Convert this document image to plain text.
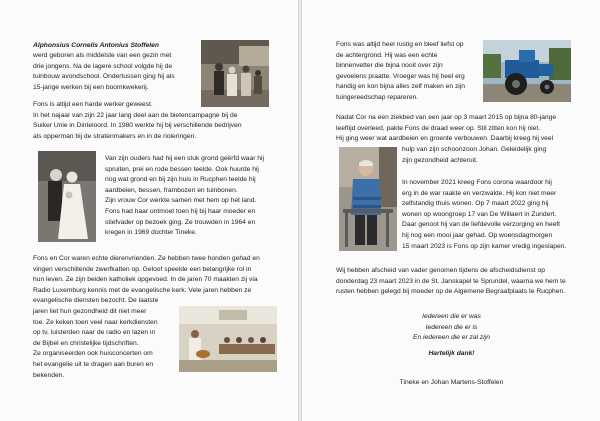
Alphonsius Cornelis Antonius Stoffelen

werd geboren als middelste van een gezin met
drie jongens. Na de lagere school volgde hij de
tuinbouw avondschool. Ondertussen ging hij als
15-jarige werken bij een boomkwekerij.

Fons is altijd een harde werker geweest.
In het najaar van zijn 22 jaar lang deel aan de bietencampagne bij de
Suiker Unie in Dinteloord. In 1980 werkte hij bij verschillende bedrijven
als opperman bij de stratenmakers en in de rioleringen.

Van zijn ouders had hij een stuk grond geërfd waar hij
spruiten, prei en rode bessen teelde. Ook huurde hij
nog wat grond en bij zijn huis in Rucphen teelde hij
aardbeien, bessen, frambozen en tuinbonen.
Zijn vrouw Cor werkte samen met hem op het land.
Fons had haar ontmoet toen hij bij haar moeder en
stiefvader op bezoek ging. Ze trouwden in 1964 en
kregen in 1969 dochter Tineke.

Fons en Cor waren echte dierenvrienden. Ze hebben twee honden gehad en
vingen verschillende zwerfkatten op. Geloof speelde een belangrijke rol in
hun leven. Ze zijn beiden katholiek opgevoed. In de jaren 70 maakten zij via
Radio Luxemburg kennis met de evangelische kerk. Vele jaren hebben ze
evangelische diensten bezocht. De laatste

jaren liet hun gezondheid dit niet meer
toe. Ze keken toen veel naar kerkdiensten
op tv, luisterden naar de radio en lazen in
de Bijbel en christelijke tijdschriften.
Ze organiseerden ook huisconcerten om
het evangelie uit te dragen aan buren en
bekenden.

Fons was altijd heel rustig en bleef liefst op
de achtergrond. Hij was een echte
binnenvetter die bijna nooit over zijn
gevoelens praatte. Vroeger was hij heel erg
handig en kon bijna alles zelf maken en zijn
tuingereedschap repareren.

Nadat Cor na een ziekbed van een jaar op 3 maart 2015 op bijna 80-jarige
leeftijd overleed, pakte Fons de draad weer op. Stil zitten kon hij niet.
Hij ging weer wat aardbeien en groente verbouwen. Daarbij kreeg hij veel

hulp van zijn schoonzoon Johan. Geleidelijk ging
zijn gezondheid achteruit.

In november 2021 kreeg Fons corona waardoor hij
erg in de war raakte en verzwakte. Hij kon niet meer
zelfstandig thuis wonen. Op 7 maart 2022 ging hij
wonen op woongroep 17 van De Willaert in Zundert.
Daar genoot hij van de liefdevolle verzorging en heeft
hij nog een mooi jaar gehad. Op woensdagmorgen
15 maart 2023 is Fons op zijn kamer vredig ingeslapen.

Wij hebben afscheid van vader genomen tijdens de afscheidsdienst op
donderdag 23 maart 2023 in de St. Janskapel te Sprundel, waarna we hem te
rusten hebben gelegd bij moeder op de Algemene Begraafplaats te Rucphen.

Iedereen die er was
Iedereen die er is
En iedereen die er zal zijn

Hartelijk dank!

Tineke en Johan Martens-Stoffelen
